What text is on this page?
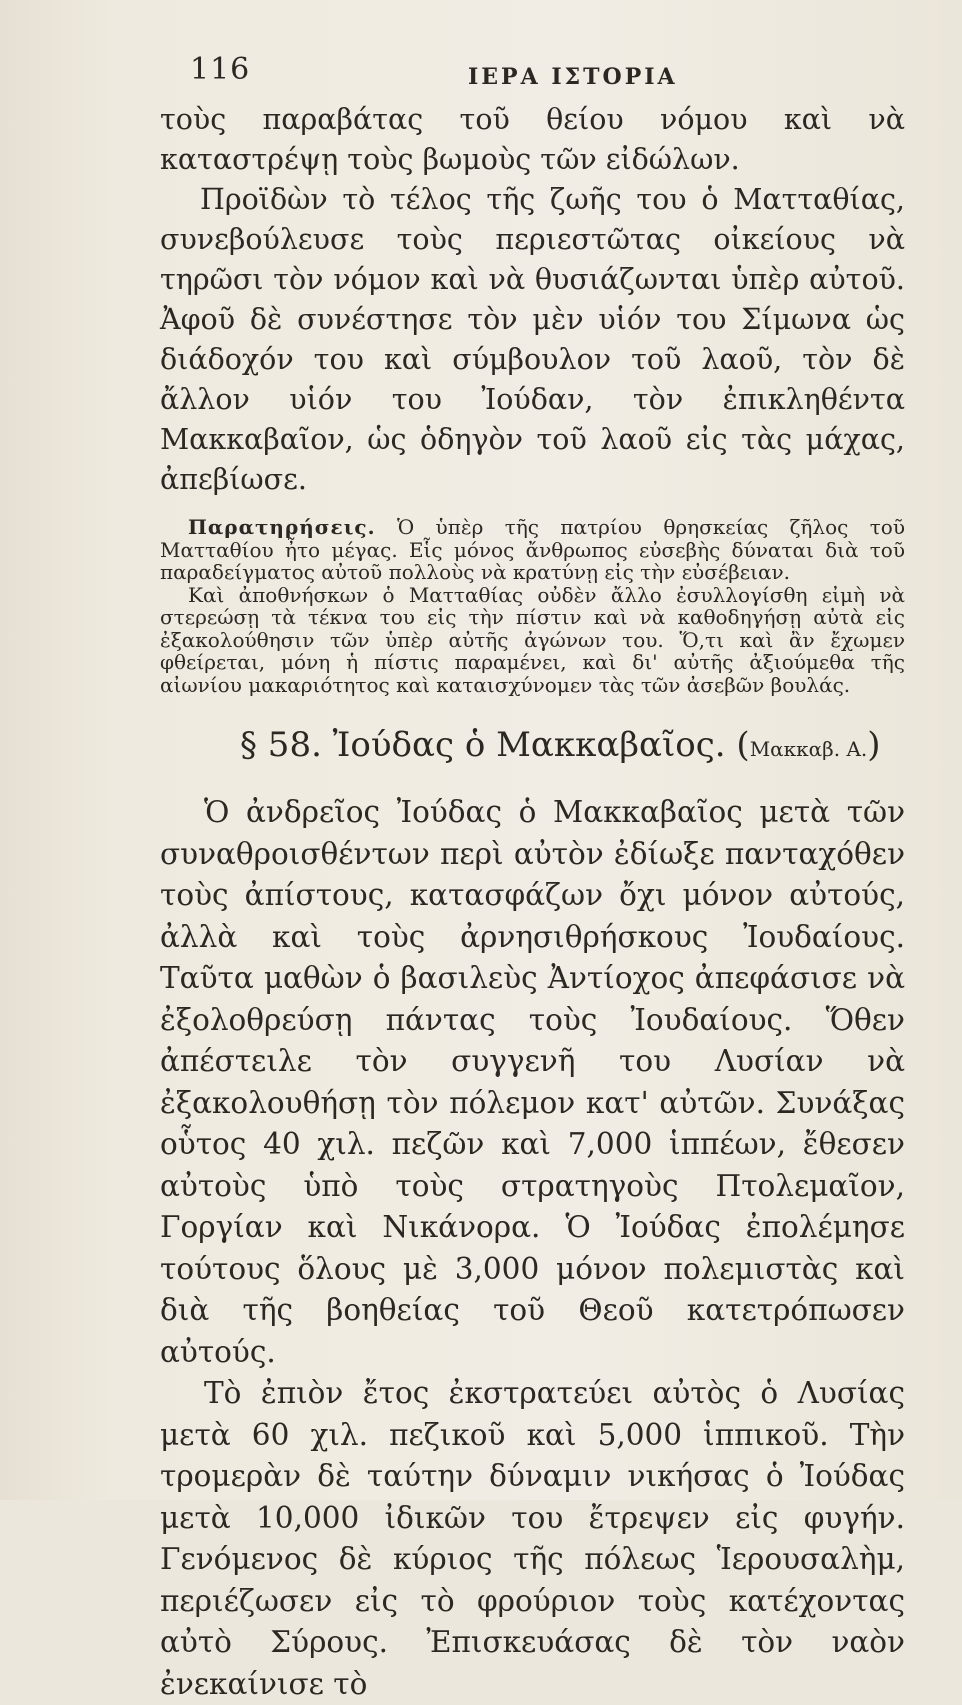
116	ΙΕΡΑ ΙΣΤΟΡΙΑ

τοὺς παραβάτας τοῦ θείου νόμου καὶ νὰ καταστρέψῃ τοὺς βωμοὺς τῶν εἰδώλων.

Προϊδὼν τὸ τέλος τῆς ζωῆς του ὁ Ματταθίας, συνεβούλευσε τοὺς περιεστῶτας οἰκείους νὰ τηρῶσι τὸν νόμον καὶ νὰ θυσιάζωνται ὑπὲρ αὐτοῦ. Ἀφοῦ δὲ συνέστησε τὸν μὲν υἱόν του Σίμωνα ὡς διάδοχόν του καὶ σύμβουλον τοῦ λαοῦ, τὸν δὲ ἄλλον υἱόν του Ἰούδαν, τὸν ἐπικληθέντα Μακκαβαῖον, ὡς ὁδηγὸν τοῦ λαοῦ εἰς τὰς μάχας, ἀπεβίωσε.

Παρατηρήσεις. Ὁ ὑπὲρ τῆς πατρίου θρησκείας ζῆλος τοῦ Ματταθίου ἦτο μέγας. Εἷς μόνος ἄνθρωπος εὐσεβὴς δύναται διὰ τοῦ παραδείγματος αὐτοῦ πολλοὺς νὰ κρατύνῃ εἰς τὴν εὐσέβειαν.

Καὶ ἀποθνήσκων ὁ Ματταθίας οὐδὲν ἄλλο ἐσυλλογίσθη εἰμὴ νὰ στερεώσῃ τὰ τέκνα του εἰς τὴν πίστιν καὶ νὰ καθοδηγήσῃ αὐτὰ εἰς ἐξακολούθησιν τῶν ὑπὲρ αὐτῆς ἀγώνων του. Ὅ,τι καὶ ἂν ἔχωμεν φθείρεται, μόνη ἡ πίστις παραμένει, καὶ δι' αὐτῆς ἀξιούμεθα τῆς αἰωνίου μακαριότητος καὶ καταισχύνομεν τὰς τῶν ἀσεβῶν βουλάς.

§ 58. Ἰούδας ὁ Μακκαβαῖος. (Μακκαβ. Α.)

Ὁ ἀνδρεῖος Ἰούδας ὁ Μακκαβαῖος μετὰ τῶν συναθροισθέντων περὶ αὐτὸν ἐδίωξε πανταχόθεν τοὺς ἀπίστους, κατασφάζων ὄχι μόνον αὐτούς, ἀλλὰ καὶ τοὺς ἀρνησιθρήσκους Ἰουδαίους. Ταῦτα μαθὼν ὁ βασιλεὺς Ἀντίοχος ἀπεφάσισε νὰ ἐξολοθρεύσῃ πάντας τοὺς Ἰουδαίους. Ὅθεν ἀπέστειλε τὸν συγγενῆ του Λυσίαν νὰ ἐξακολουθήσῃ τὸν πόλεμον κατ' αὐτῶν. Συνάξας οὗτος 40 χιλ. πεζῶν καὶ 7,000 ἱππέων, ἔθεσεν αὐτοὺς ὑπὸ τοὺς στρατηγοὺς Πτολεμαῖον, Γοργίαν καὶ Νικάνορα. Ὁ Ἰούδας ἐπολέμησε τούτους ὅλους μὲ 3,000 μόνον πολεμιστὰς καὶ διὰ τῆς βοηθείας τοῦ Θεοῦ κατετρόπωσεν αὐτούς.

Τὸ ἐπιὸν ἔτος ἐκστρατεύει αὐτὸς ὁ Λυσίας μετὰ 60 χιλ. πεζικοῦ καὶ 5,000 ἱππικοῦ. Τὴν τρομερὰν δὲ ταύτην δύναμιν νικήσας ὁ Ἰούδας μετὰ 10,000 ἰδικῶν του ἔτρεψεν εἰς φυγήν. Γενόμενος δὲ κύριος τῆς πόλεως Ἱερουσαλὴμ, περιέζωσεν εἰς τὸ φρούριον τοὺς κατέχοντας αὐτὸ Σύρους. Ἐπισκευάσας δὲ τὸν ναὸν ἐνεκαίνισε τὸ
